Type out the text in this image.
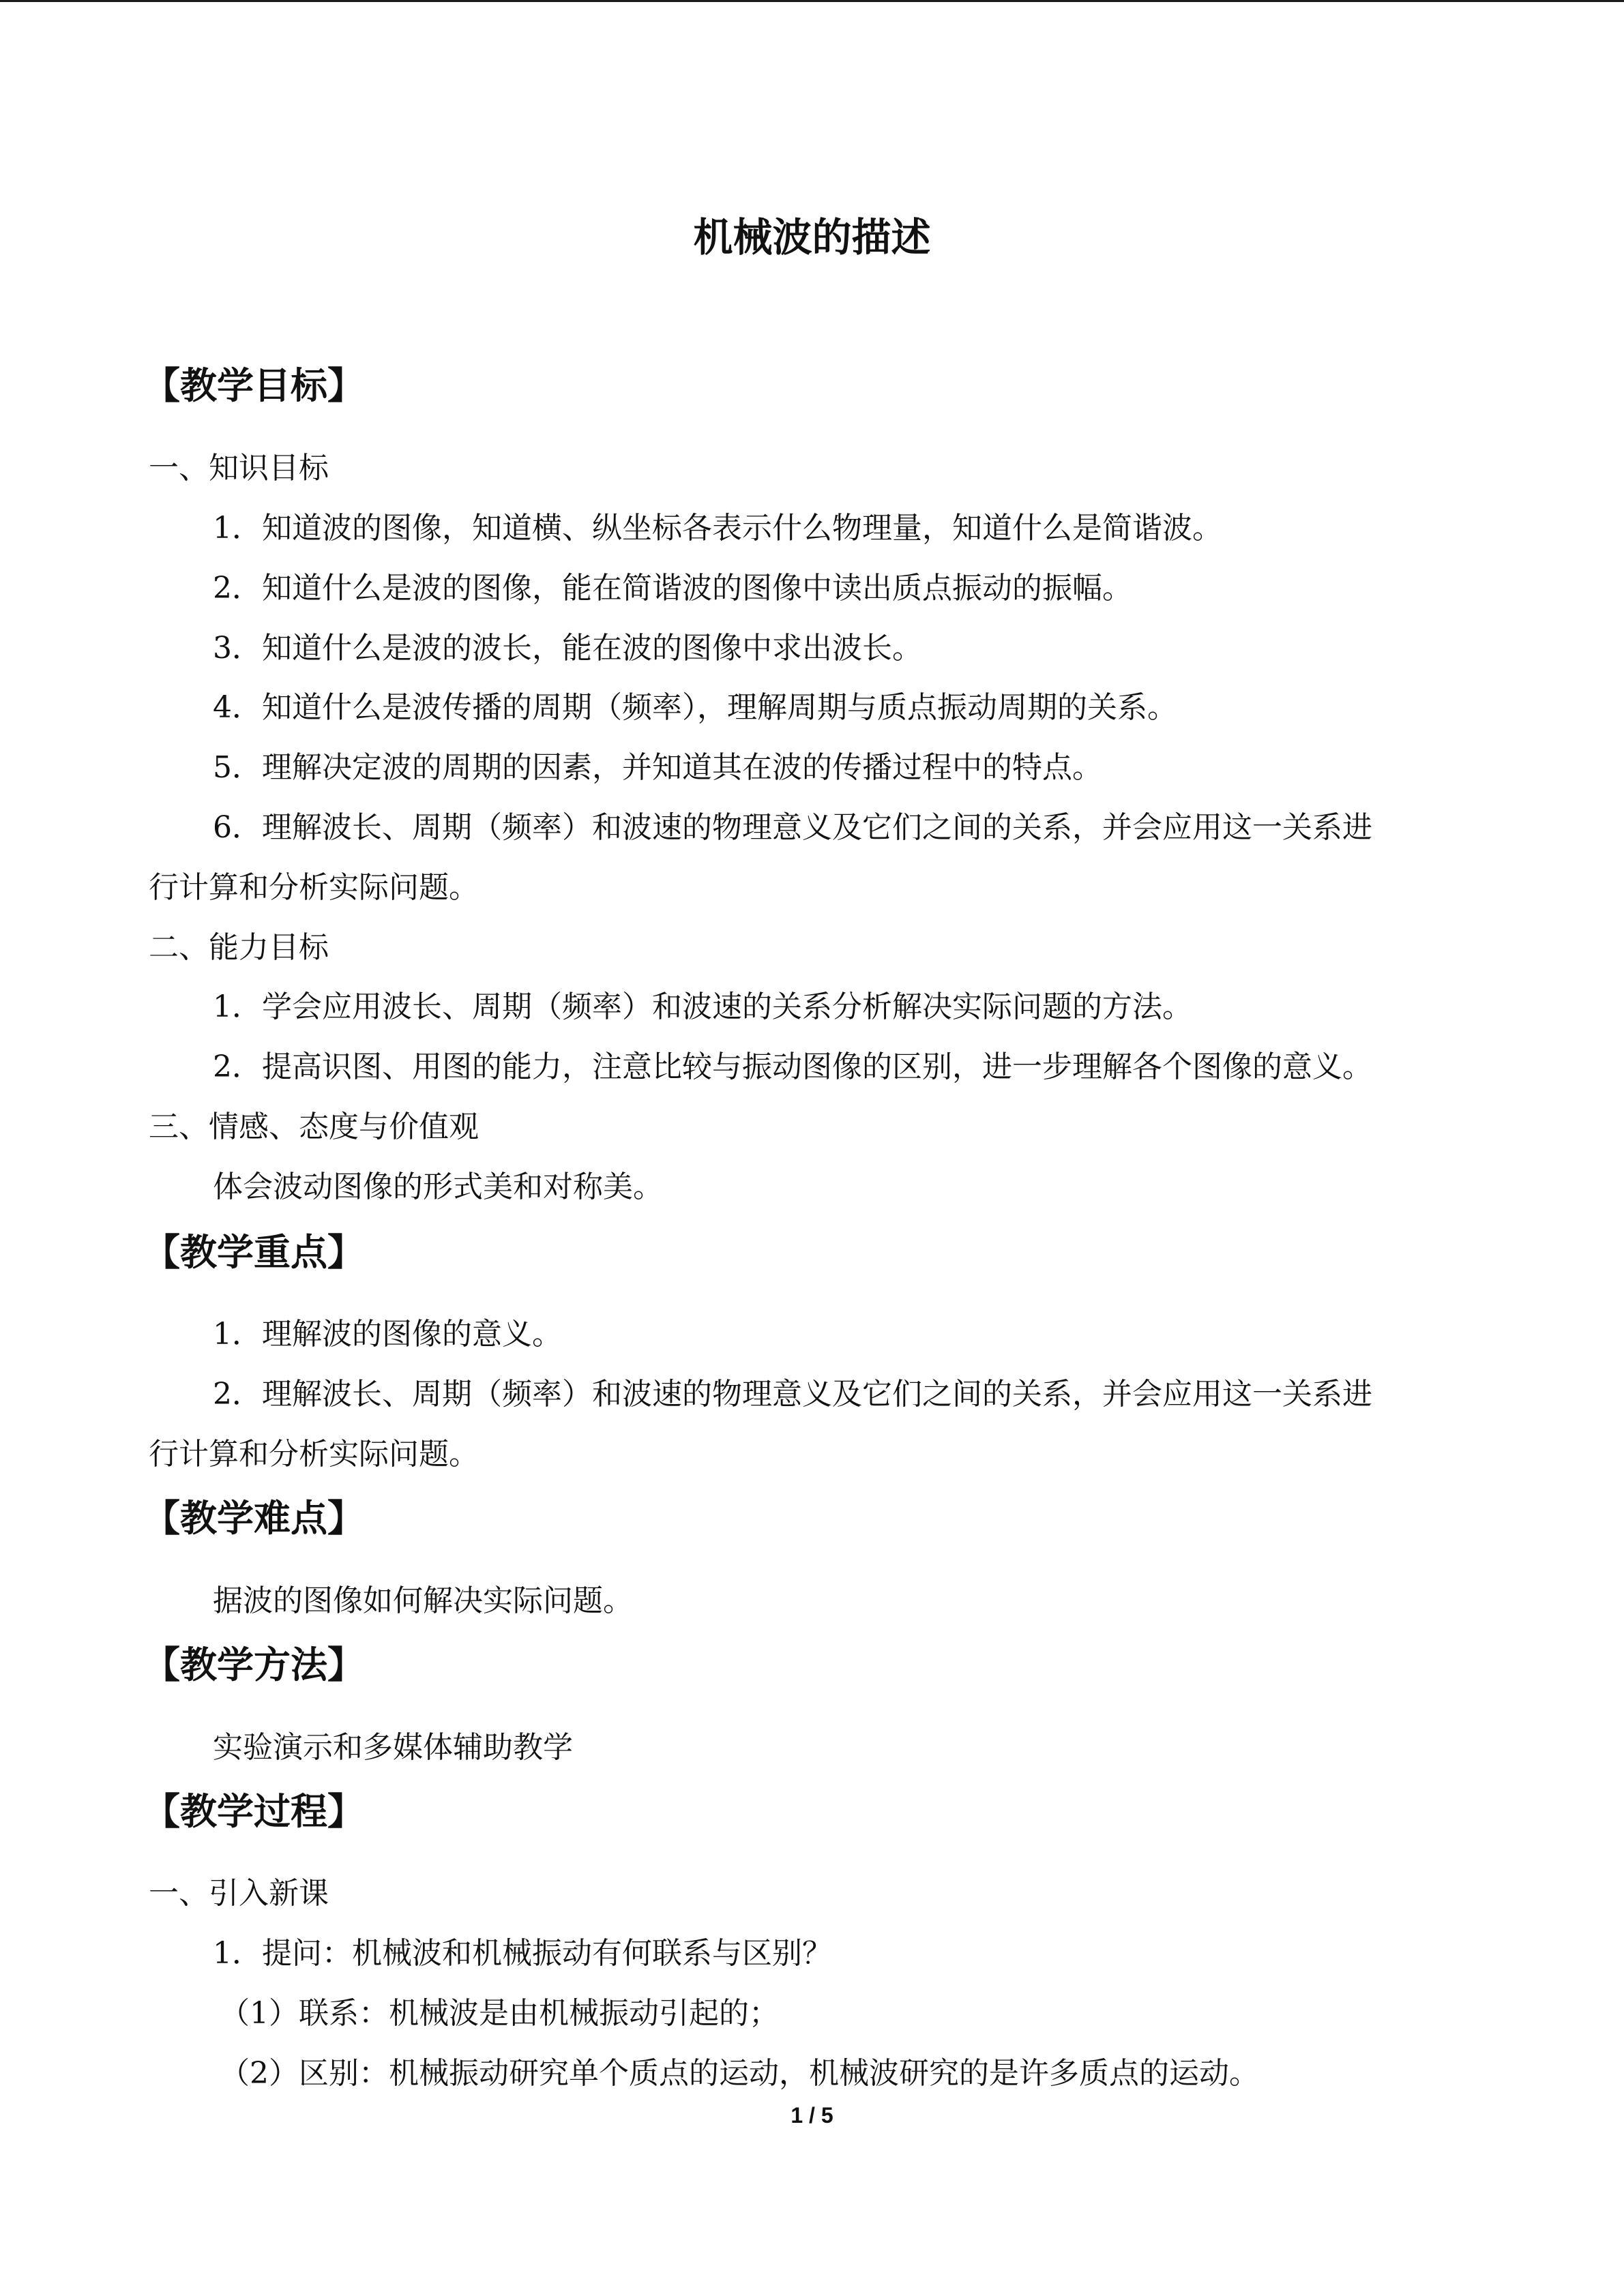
机械波的描述
【教学目标】
一、知识目标
1．知道波的图像，知道横、纵坐标各表示什么物理量，知道什么是简谐波。
2．知道什么是波的图像，能在简谐波的图像中读出质点振动的振幅。
3．知道什么是波的波长，能在波的图像中求出波长。
4．知道什么是波传播的周期（频率），理解周期与质点振动周期的关系。
5．理解决定波的周期的因素，并知道其在波的传播过程中的特点。
6．理解波长、周期（频率）和波速的物理意义及它们之间的关系，并会应用这一关系进
行计算和分析实际问题。
二、能力目标
1．学会应用波长、周期（频率）和波速的关系分析解决实际问题的方法。
2．提高识图、用图的能力，注意比较与振动图像的区别，进一步理解各个图像的意义。
三、情感、态度与价值观
体会波动图像的形式美和对称美。
【教学重点】
1．理解波的图像的意义。
2．理解波长、周期（频率）和波速的物理意义及它们之间的关系，并会应用这一关系进
行计算和分析实际问题。
【教学难点】
据波的图像如何解决实际问题。
【教学方法】
实验演示和多媒体辅助教学
【教学过程】
一、引入新课
1．提问：机械波和机械振动有何联系与区别？
（1）联系：机械波是由机械振动引起的；
（2）区别：机械振动研究单个质点的运动，机械波研究的是许多质点的运动。
1 / 5
